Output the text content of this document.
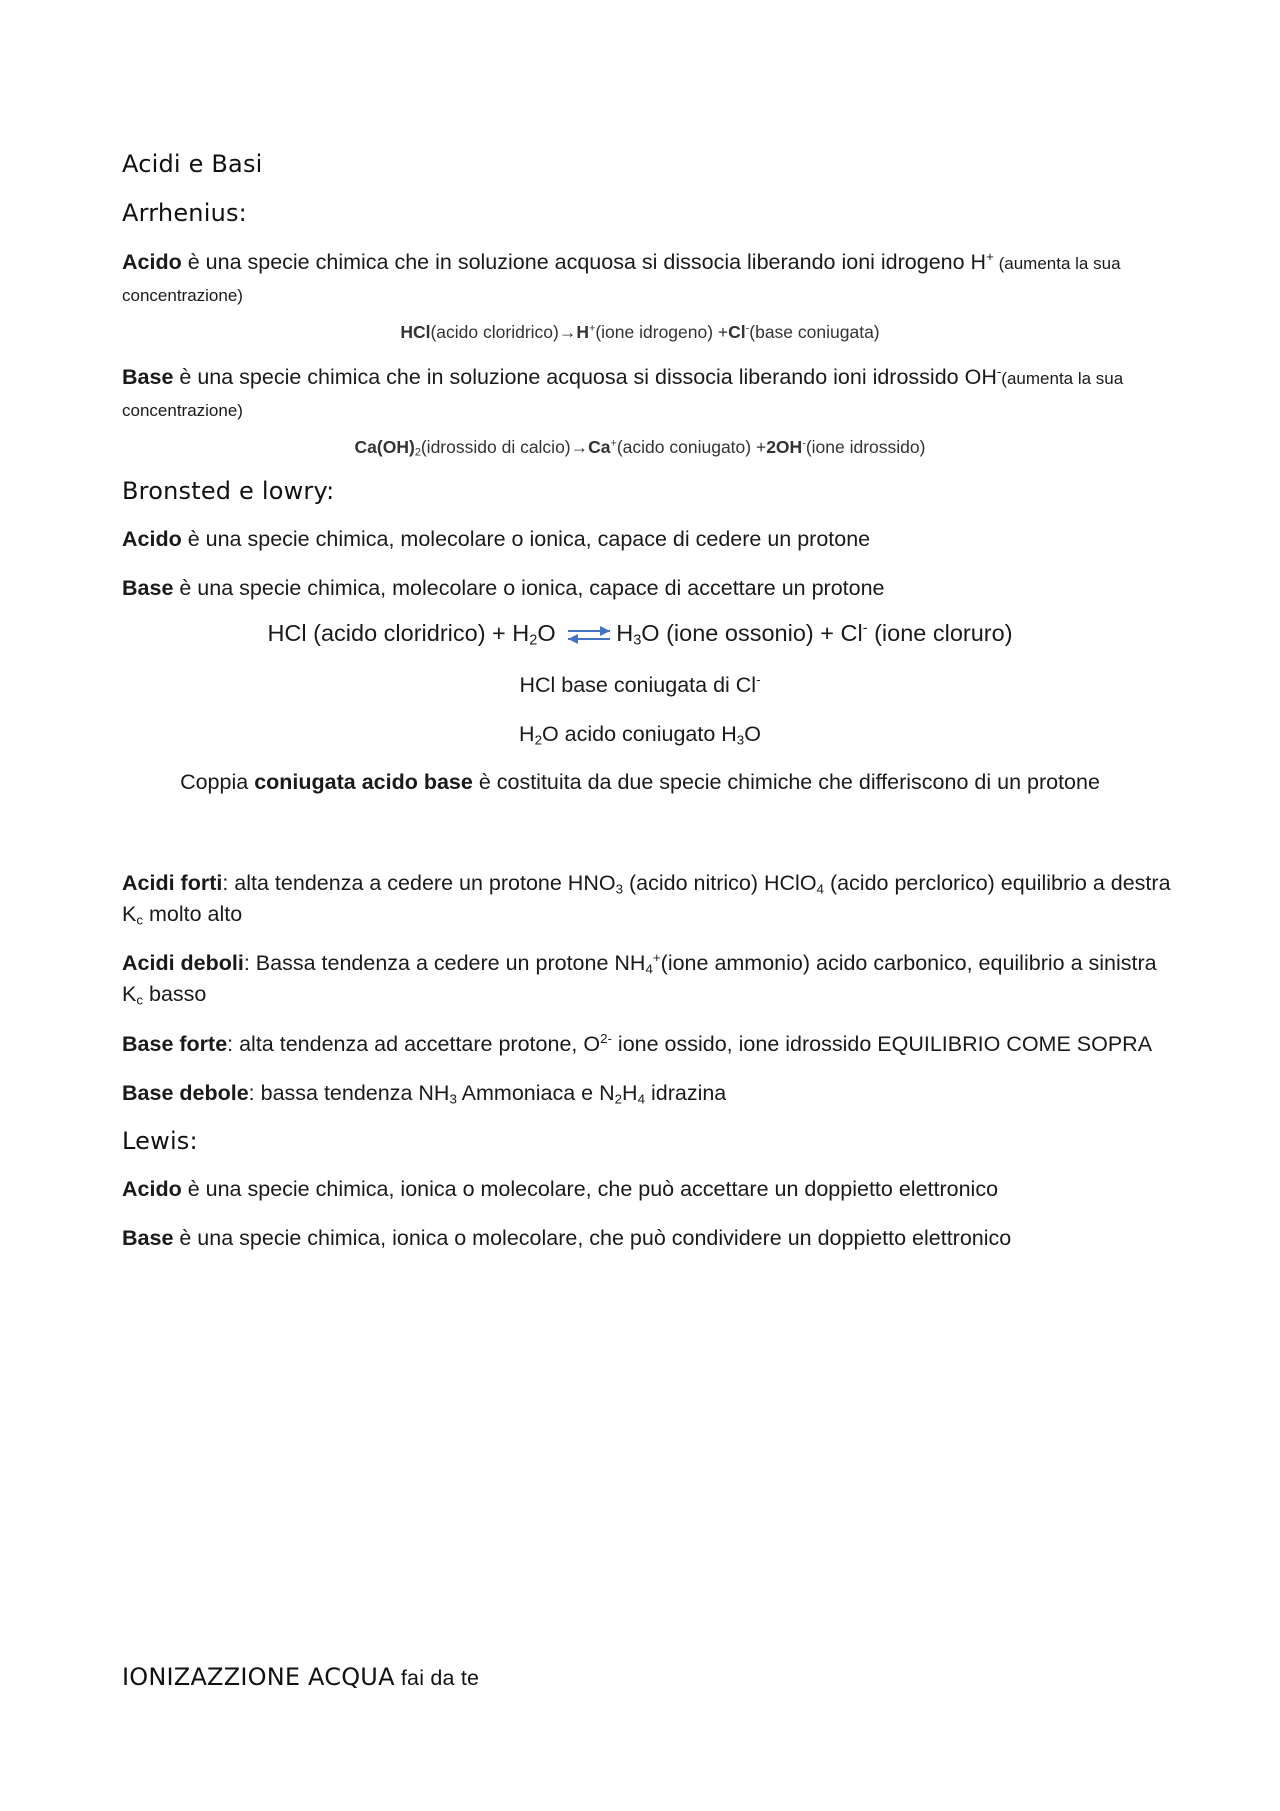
Acidi e Basi
Arrhenius:
Acido è una specie chimica che in soluzione acquosa si dissocia liberando ioni idrogeno H+ (aumenta la sua concentrazione)
HCl(acido cloridrico)→H+(ione idrogeno) +Cl-(base coniugata)
Base è una specie chimica che in soluzione acquosa si dissocia liberando ioni idrossido OH-(aumenta la sua concentrazione)
$Ca(OH)_2(idrossido$ di calcio)→Ca+(acido coniugato) +2OH-(ione idrossido)
Bronsted e lowry:
Acido è una specie chimica, molecolare o ionica, capace di cedere un protone
Base è una specie chimica, molecolare o ionica, capace di accettare un protone
HCl (acido cloridrico) + $H_2O$ ⇌ $H_3O$ (ione ossonio) + Cl- (ione cloruro)
HCl base coniugata di Cl-
$H_2O$ acido coniugato $H_3O$
Coppia coniugata acido base è costituita da due specie chimiche che differiscono di un protone
Acidi forti: alta tendenza a cedere un protone $HNO_3$ (acido nitrico) HClO$_4$ (acido perclorico) equilibrio a destra $K_c$ molto alto
Acidi deboli: Bassa tendenza a cedere un protone $NH_4^+(ione$ ammonio) acido carbonico, equilibrio a sinistra $K_c$ basso
Base forte: alta tendenza ad accettare protone, $O^{2-}$ ione ossido, ione idrossido EQUILIBRIO COME SOPRA
Base debole: bassa tendenza $NH_3$ Ammoniaca e $N_2H_4$ idrazina
Lewis:
Acido è una specie chimica, ionica o molecolare, che può accettare un doppietto elettronico
Base è una specie chimica, ionica o molecolare, che può condividere un doppietto elettronico
IONIZAZZIONE ACQUA fai da te
